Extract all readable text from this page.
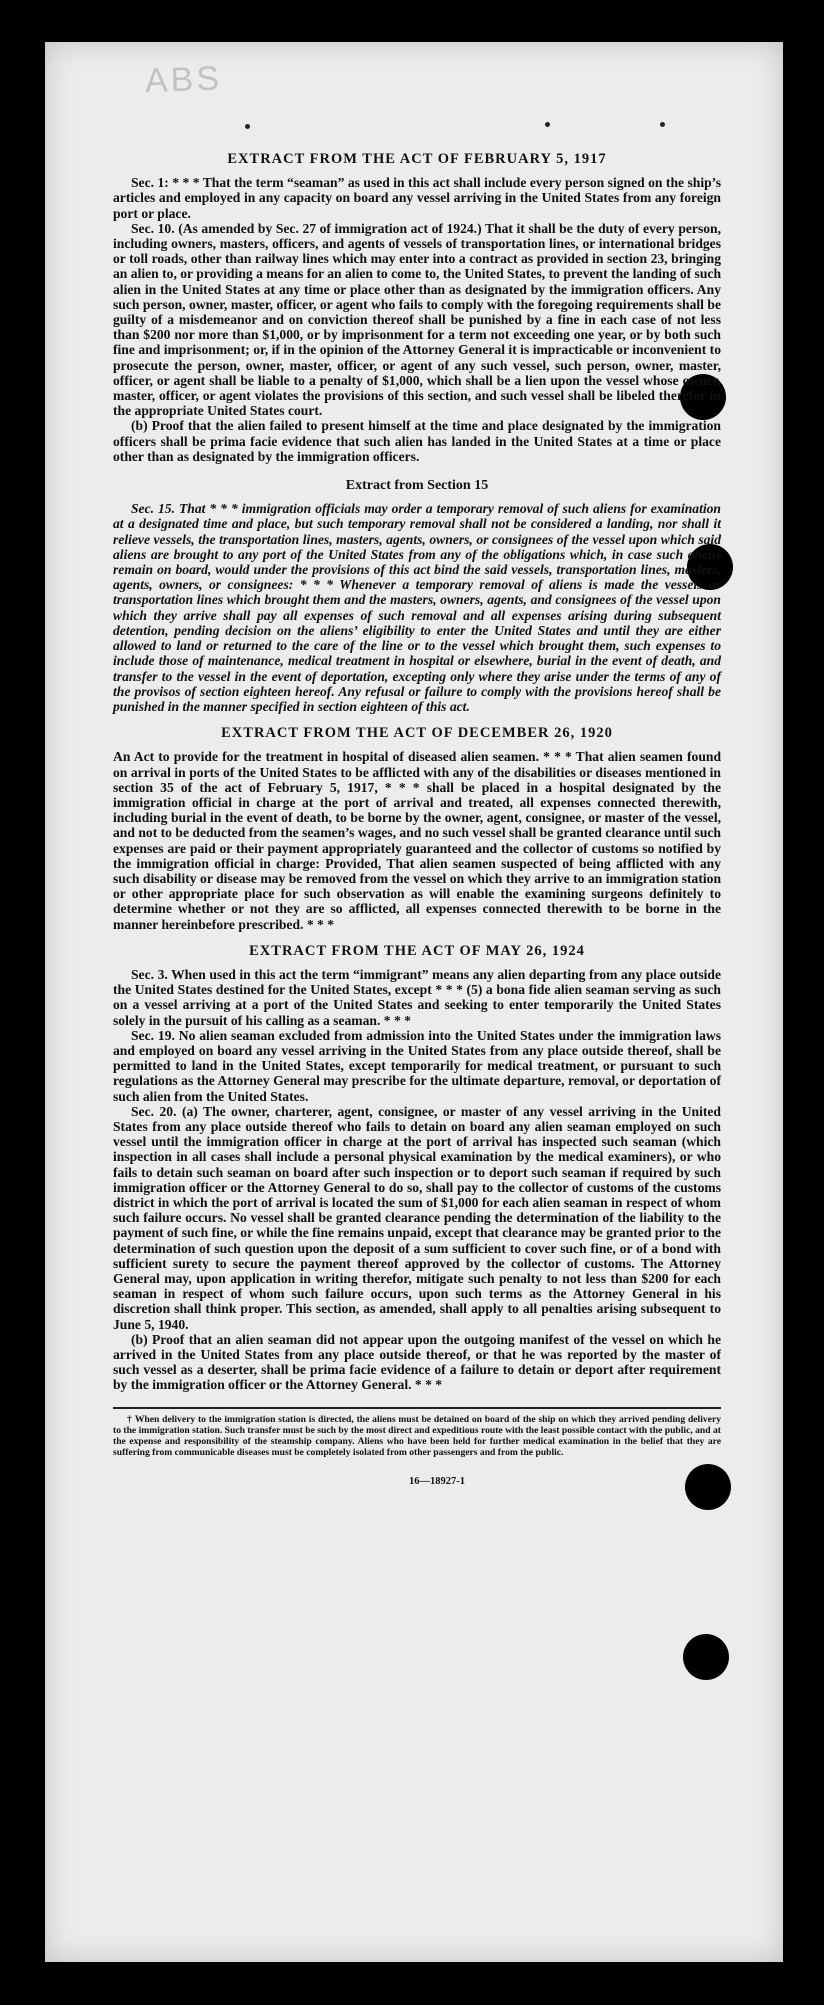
ABS
EXTRACT FROM THE ACT OF FEBRUARY 5, 1917

Sec. 1: * * * That the term “seaman” as used in this act shall include every person signed on the ship’s articles and employed in any capacity on board any vessel arriving in the United States from any foreign port or place.

Sec. 10. (As amended by Sec. 27 of immigration act of 1924.) That it shall be the duty of every person, including owners, masters, officers, and agents of vessels of transportation lines, or international bridges or toll roads, other than railway lines which may enter into a contract as provided in section 23, bringing an alien to, or providing a means for an alien to come to, the United States, to prevent the landing of such alien in the United States at any time or place other than as designated by the immigration officers. Any such person, owner, master, officer, or agent who fails to comply with the foregoing requirements shall be guilty of a misdemeanor and on conviction thereof shall be punished by a fine in each case of not less than $200 nor more than $1,000, or by imprisonment for a term not exceeding one year, or by both such fine and imprisonment; or, if in the opinion of the Attorney General it is impracticable or inconvenient to prosecute the person, owner, master, officer, or agent of any such vessel, such person, owner, master, officer, or agent shall be liable to a penalty of $1,000, which shall be a lien upon the vessel whose owner, master, officer, or agent violates the provisions of this section, and such vessel shall be libeled therefor in the appropriate United States court.

(b) Proof that the alien failed to present himself at the time and place designated by the immigration officers shall be prima facie evidence that such alien has landed in the United States at a time or place other than as designated by the immigration officers.

Extract from Section 15

Sec. 15. That * * * immigration officials may order a temporary removal of such aliens for examination at a designated time and place, but such temporary removal shall not be considered a landing, nor shall it relieve vessels, the transportation lines, masters, agents, owners, or consignees of the vessel upon which said aliens are brought to any port of the United States from any of the obligations which, in case such aliens remain on board, would under the provisions of this act bind the said vessels, transportation lines, masters, agents, owners, or consignees: * * * Whenever a temporary removal of aliens is made the vessels or transportation lines which brought them and the masters, owners, agents, and consignees of the vessel upon which they arrive shall pay all expenses of such removal and all expenses arising during subsequent detention, pending decision on the aliens’ eligibility to enter the United States and until they are either allowed to land or returned to the care of the line or to the vessel which brought them, such expenses to include those of maintenance, medical treatment in hospital or elsewhere, burial in the event of death, and transfer to the vessel in the event of deportation, excepting only where they arise under the terms of any of the provisos of section eighteen hereof. Any refusal or failure to comply with the provisions hereof shall be punished in the manner specified in section eighteen of this act.

EXTRACT FROM THE ACT OF DECEMBER 26, 1920

An Act to provide for the treatment in hospital of diseased alien seamen. * * * That alien seamen found on arrival in ports of the United States to be afflicted with any of the disabilities or diseases mentioned in section 35 of the act of February 5, 1917, * * * shall be placed in a hospital designated by the immigration official in charge at the port of arrival and treated, all expenses connected therewith, including burial in the event of death, to be borne by the owner, agent, consignee, or master of the vessel, and not to be deducted from the seamen’s wages, and no such vessel shall be granted clearance until such expenses are paid or their payment appropriately guaranteed and the collector of customs so notified by the immigration official in charge: Provided, That alien seamen suspected of being afflicted with any such disability or disease may be removed from the vessel on which they arrive to an immigration station or other appropriate place for such observation as will enable the examining surgeons definitely to determine whether or not they are so afflicted, all expenses connected therewith to be borne in the manner hereinbefore prescribed. * * *

EXTRACT FROM THE ACT OF MAY 26, 1924

Sec. 3. When used in this act the term “immigrant” means any alien departing from any place outside the United States destined for the United States, except * * * (5) a bona fide alien seaman serving as such on a vessel arriving at a port of the United States and seeking to enter temporarily the United States solely in the pursuit of his calling as a seaman. * * *

Sec. 19. No alien seaman excluded from admission into the United States under the immigration laws and employed on board any vessel arriving in the United States from any place outside thereof, shall be permitted to land in the United States, except temporarily for medical treatment, or pursuant to such regulations as the Attorney General may prescribe for the ultimate departure, removal, or deportation of such alien from the United States.

Sec. 20. (a) The owner, charterer, agent, consignee, or master of any vessel arriving in the United States from any place outside thereof who fails to detain on board any alien seaman employed on such vessel until the immigration officer in charge at the port of arrival has inspected such seaman (which inspection in all cases shall include a personal physical examination by the medical examiners), or who fails to detain such seaman on board after such inspection or to deport such seaman if required by such immigration officer or the Attorney General to do so, shall pay to the collector of customs of the customs district in which the port of arrival is located the sum of $1,000 for each alien seaman in respect of whom such failure occurs. No vessel shall be granted clearance pending the determination of the liability to the payment of such fine, or while the fine remains unpaid, except that clearance may be granted prior to the determination of such question upon the deposit of a sum sufficient to cover such fine, or of a bond with sufficient surety to secure the payment thereof approved by the collector of customs. The Attorney General may, upon application in writing therefor, mitigate such penalty to not less than $200 for each seaman in respect of whom such failure occurs, upon such terms as the Attorney General in his discretion shall think proper. This section, as amended, shall apply to all penalties arising subsequent to June 5, 1940.

(b) Proof that an alien seaman did not appear upon the outgoing manifest of the vessel on which he arrived in the United States from any place outside thereof, or that he was reported by the master of such vessel as a deserter, shall be prima facie evidence of a failure to detain or deport after requirement by the immigration officer or the Attorney General. * * *

† When delivery to the immigration station is directed, the aliens must be detained on board of the ship on which they arrived pending delivery to the immigration station. Such transfer must be such by the most direct and expeditious route with the least possible contact with the public, and at the expense and responsibility of the steamship company. Aliens who have been held for further medical examination in the belief that they are suffering from communicable diseases must be completely isolated from other passengers and from the public.

16—18927-1
